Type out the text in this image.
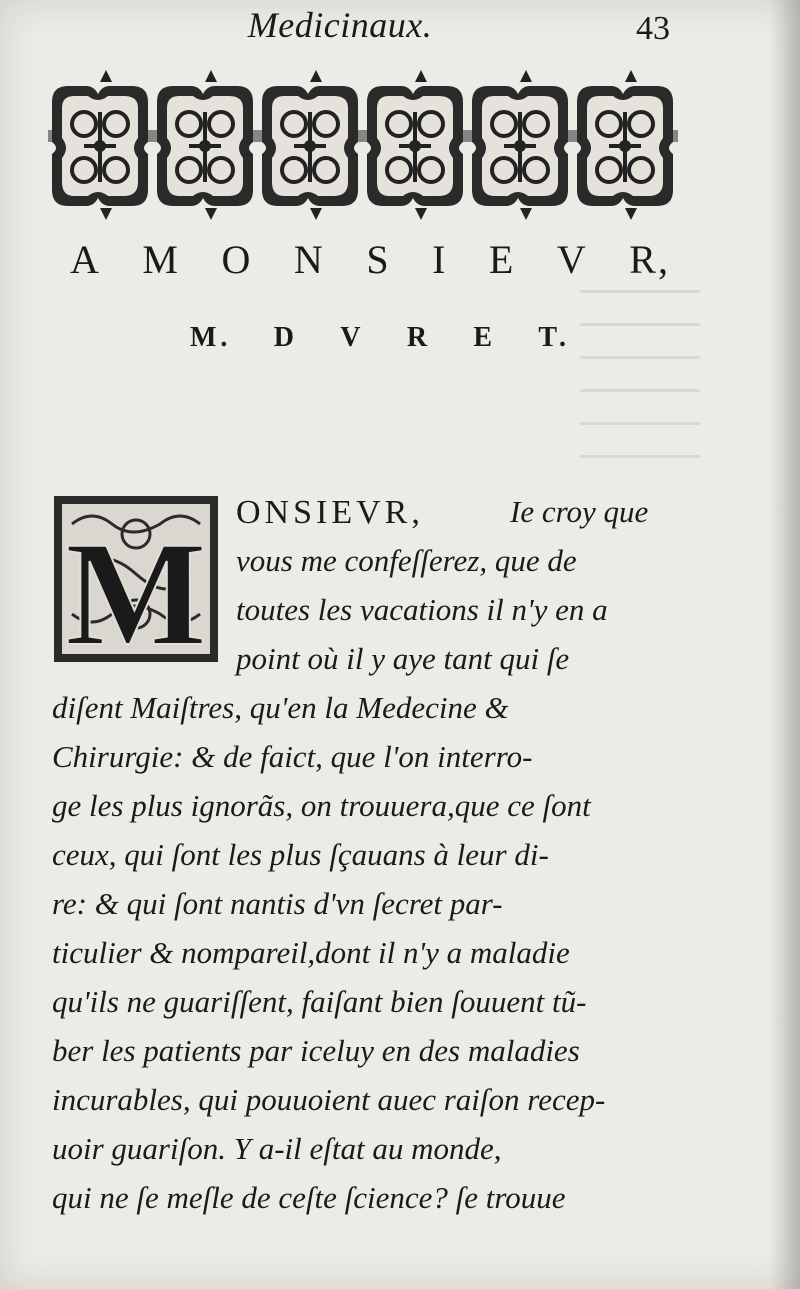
Medicinaux.	43
A M O N S I E V R,
M. D V R E T.
M ONSIEVR,	Ie croy que
vous me confeſſerez, que de
toutes les vacations il n'y en a
point où il y aye tant qui ſe
diſent Maiſtres, qu'en la Medecine &
Chirurgie: & de faict, que l'on interro-
ge les plus ignorãs, on trouuera,que ce ſont
ceux, qui ſont les plus ſçauans à leur di-
re: & qui ſont nantis d'vn ſecret par-
ticulier & nompareil,dont il n'y a maladie
qu'ils ne guariſſent, faiſant bien ſouuent tũ-
ber les patients par iceluy en des maladies
incurables, qui pouuoient auec raiſon recep-
uoir guariſon. Y a-il eſtat au monde,
qui ne ſe meſle de ceſte ſcience? ſe trouue
